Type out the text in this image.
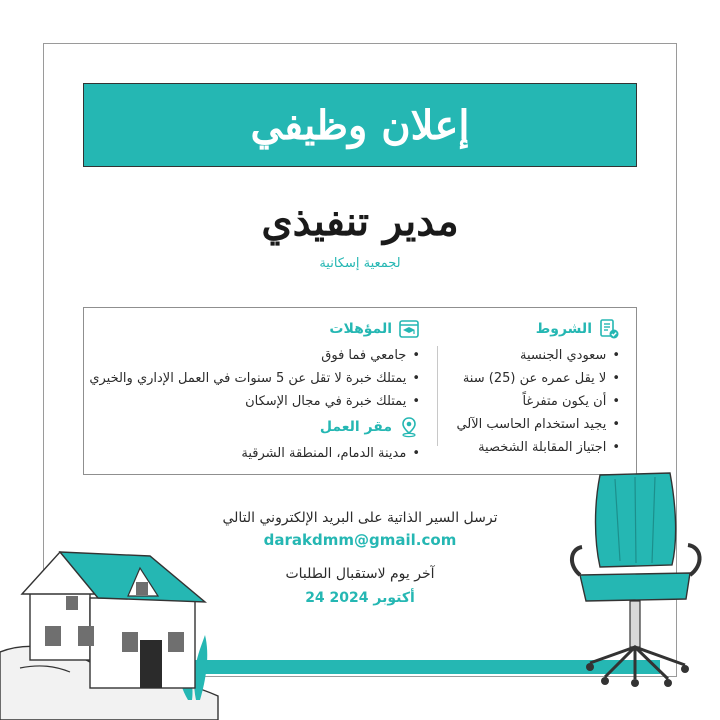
إعلان وظيفي
مدير تنفيذي
لجمعية إسكانية
الشروط
• سعودي الجنسية
• لا يقل عمره عن (25) سنة
• أن يكون متفرغاً
• يجيد استخدام الحاسب الآلي
• اجتياز المقابلة الشخصية
المؤهلات
• جامعي فما فوق
• يمتلك خبرة لا تقل عن 5 سنوات في العمل الإداري والخيري
• يمتلك خبرة في مجال الإسكان
مقر العمل
• مدينة الدمام، المنطقة الشرقية
ترسل السير الذاتية على البريد الإلكتروني التالي
darakdmm@gmail.com
آخر يوم لاستقبال الطلبات
24 أكتوبر 2024
